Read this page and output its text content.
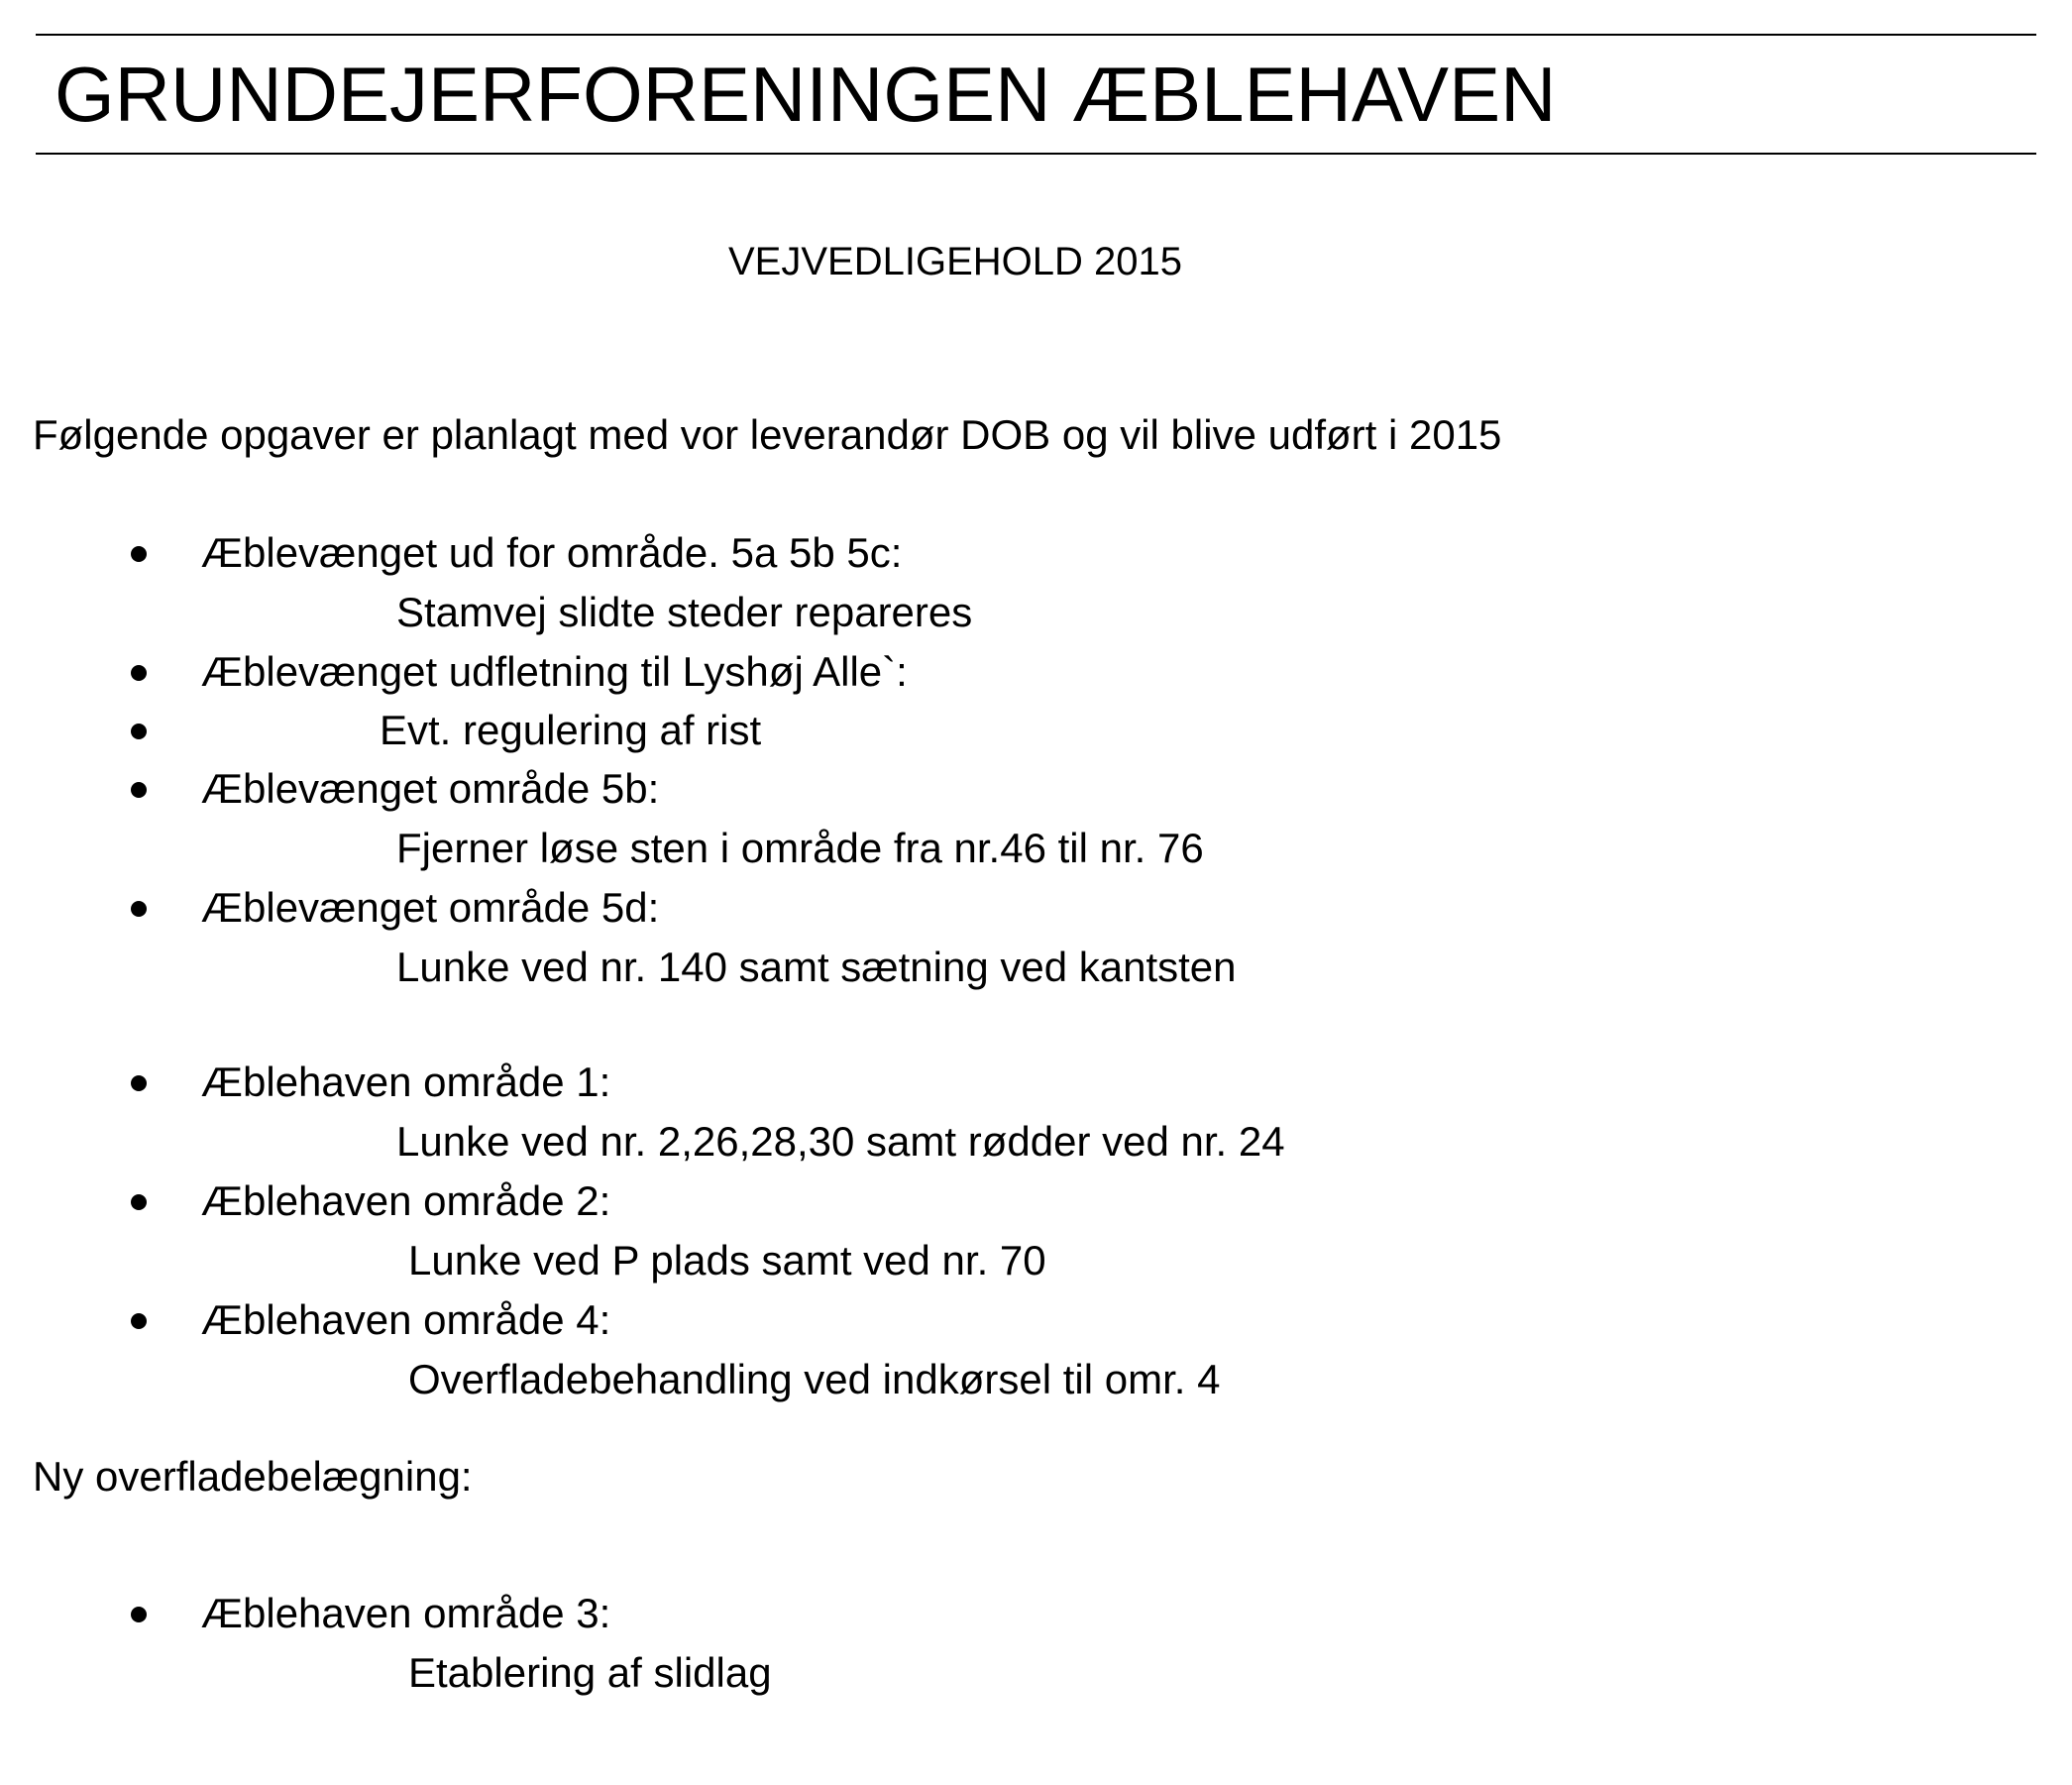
GRUNDEJERFORENINGEN ÆBLEHAVEN
VEJVEDLIGEHOLD 2015
Følgende opgaver er planlagt med vor leverandør DOB og vil blive udført i 2015
Æblevænget ud for område. 5a 5b 5c:
Stamvej slidte steder repareres
Æblevænget udfletning til Lyshøj Alle`:
Evt. regulering af rist
Æblevænget område 5b:
Fjerner løse sten i område fra nr.46 til nr. 76
Æblevænget område 5d:
Lunke ved nr. 140 samt sætning ved kantsten
Æblehaven område 1:
Lunke ved nr. 2,26,28,30 samt rødder ved nr. 24
Æblehaven område 2:
Lunke ved P plads samt ved nr. 70
Æblehaven område 4:
Overfladebehandling ved indkørsel til omr. 4
Ny overfladebelægning:
Æblehaven område 3:
Etablering af slidlag
